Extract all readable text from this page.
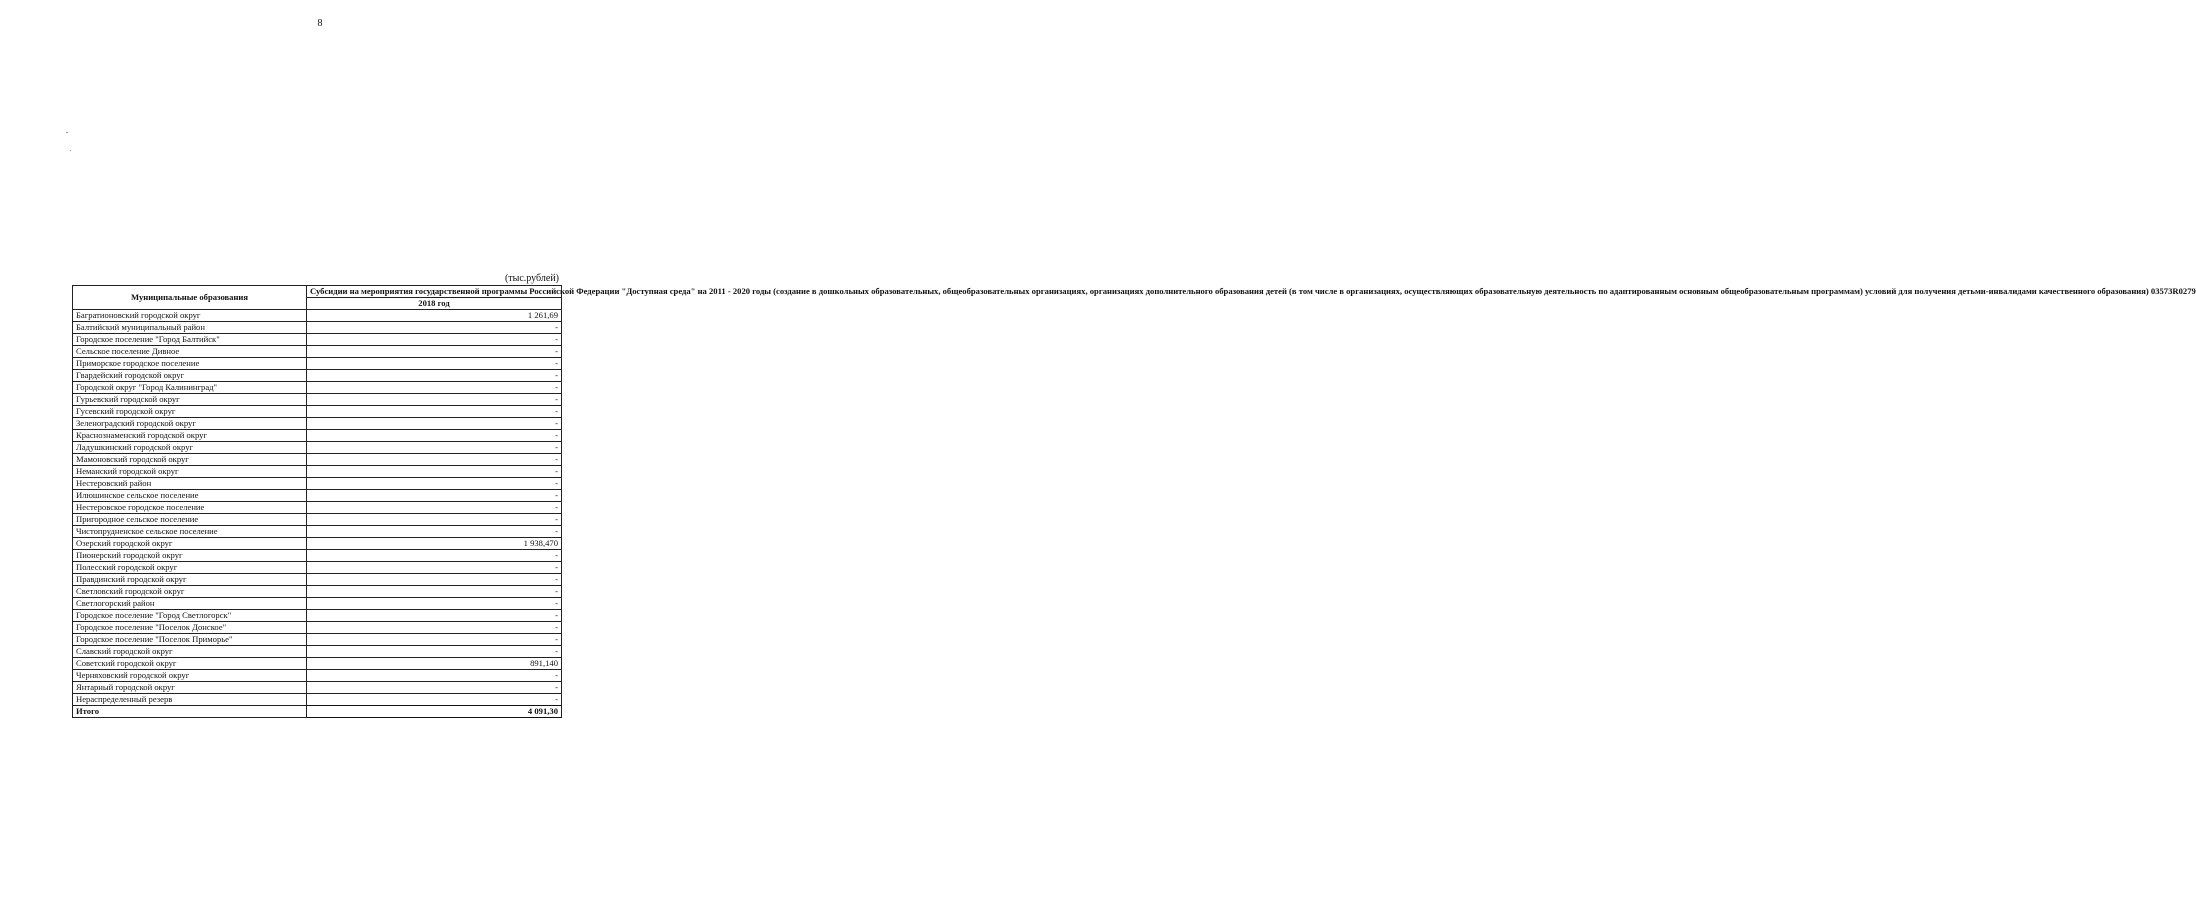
8
(тыс.рублей)
Муниципальные образования	Субсидии на мероприятия государственной программы Российской Федерации "Доступная среда" на 2011 - 2020 годы (создание в дошкольных образовательных, общеобразовательных организациях, организациях дополнительного образования детей (в том числе в организациях, осуществляющих образовательную деятельность по адаптированным основным общеобразовательным программам) условий для получения детьми-инвалидами качественного образования) 03573R0279
	2018 год
Багратионовский городской округ	1 261,69
Балтийский муниципальный район	-
Городское поселение "Город Балтийск"	-
Сельское поселение Дивное	-
Приморское городское поселение	-
Гвардейский городской округ	-
Городской округ "Город Калининград"	-
Гурьевский городской округ	-
Гусевский городской округ	-
Зеленоградский городской округ	-
Краснознаменский городской округ	-
Ладушкинский городской округ	-
Мамоновский городской округ	-
Неманский городской округ	-
Нестеровский район	-
Илюшинское сельское поселение	-
Нестеровское городское поселение	-
Пригородное сельское поселение	-
Чистопрудненское сельское поселение	-
Озерский городской округ	1 938,470
Пионерский городской округ	-
Полесский городской округ	-
Правдинский городской округ	-
Светловский городской округ	-
Светлогорский район	-
Городское поселение "Город Светлогорск"	-
Городское поселение "Поселок Донское"	-
Городское поселение "Поселок Приморье"	-
Славский городской округ	-
Советский городской округ	891,140
Черняховский городской округ	-
Янтарный городской округ	-
Нераспределенный резерв	-
Итого	4 091,30
